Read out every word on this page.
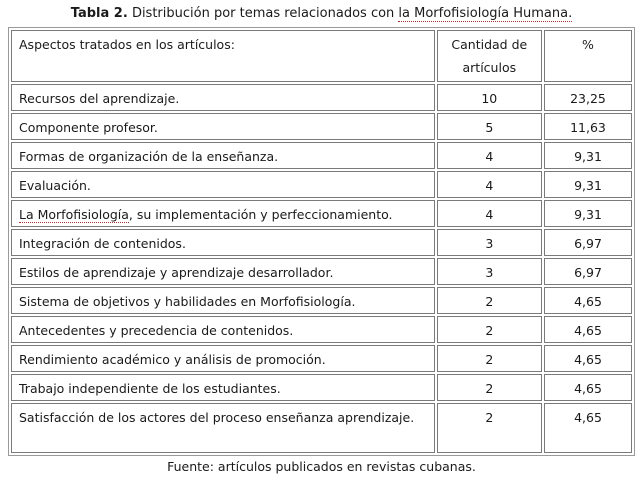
Tabla 2. Distribución por temas relacionados con la Morfofisiología Humana.
Aspectos tratados en los artículos:	Cantidad de artículos	%
Recursos del aprendizaje.	10	23,25
Componente profesor.	5	11,63
Formas de organización de la enseñanza.	4	9,31
Evaluación.	4	9,31
La Morfofisiología, su implementación y perfeccionamiento.	4	9,31
Integración de contenidos.	3	6,97
Estilos de aprendizaje y aprendizaje desarrollador.	3	6,97
Sistema de objetivos y habilidades en Morfofisiología.	2	4,65
Antecedentes y precedencia de contenidos.	2	4,65
Rendimiento académico y análisis de promoción.	2	4,65
Trabajo independiente de los estudiantes.	2	4,65
Satisfacción de los actores del proceso enseñanza aprendizaje.	2	4,65
Fuente: artículos publicados en revistas cubanas.
